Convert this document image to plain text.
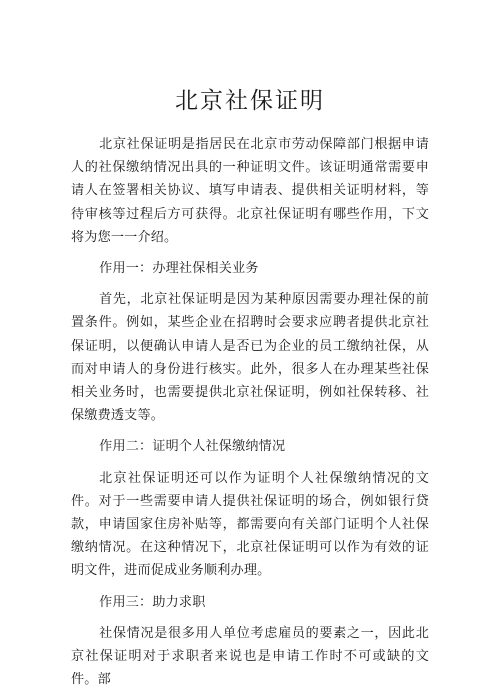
北京社保证明

北京社保证明是指居民在北京市劳动保障部门根据申请人的社保缴纳情况出具的一种证明文件。该证明通常需要申请人在签署相关协议、填写申请表、提供相关证明材料，等待审核等过程后方可获得。北京社保证明有哪些作用，下文将为您一一介绍。

作用一：办理社保相关业务

首先，北京社保证明是因为某种原因需要办理社保的前置条件。例如，某些企业在招聘时会要求应聘者提供北京社保证明，以便确认申请人是否已为企业的员工缴纳社保，从而对申请人的身份进行核实。此外，很多人在办理某些社保相关业务时，也需要提供北京社保证明，例如社保转移、社保缴费透支等。

作用二：证明个人社保缴纳情况

北京社保证明还可以作为证明个人社保缴纳情况的文件。对于一些需要申请人提供社保证明的场合，例如银行贷款，申请国家住房补贴等，都需要向有关部门证明个人社保缴纳情况。在这种情况下，北京社保证明可以作为有效的证明文件，进而促成业务顺利办理。

作用三：助力求职

社保情况是很多用人单位考虑雇员的要素之一，因此北京社保证明对于求职者来说也是申请工作时不可或缺的文件。部
